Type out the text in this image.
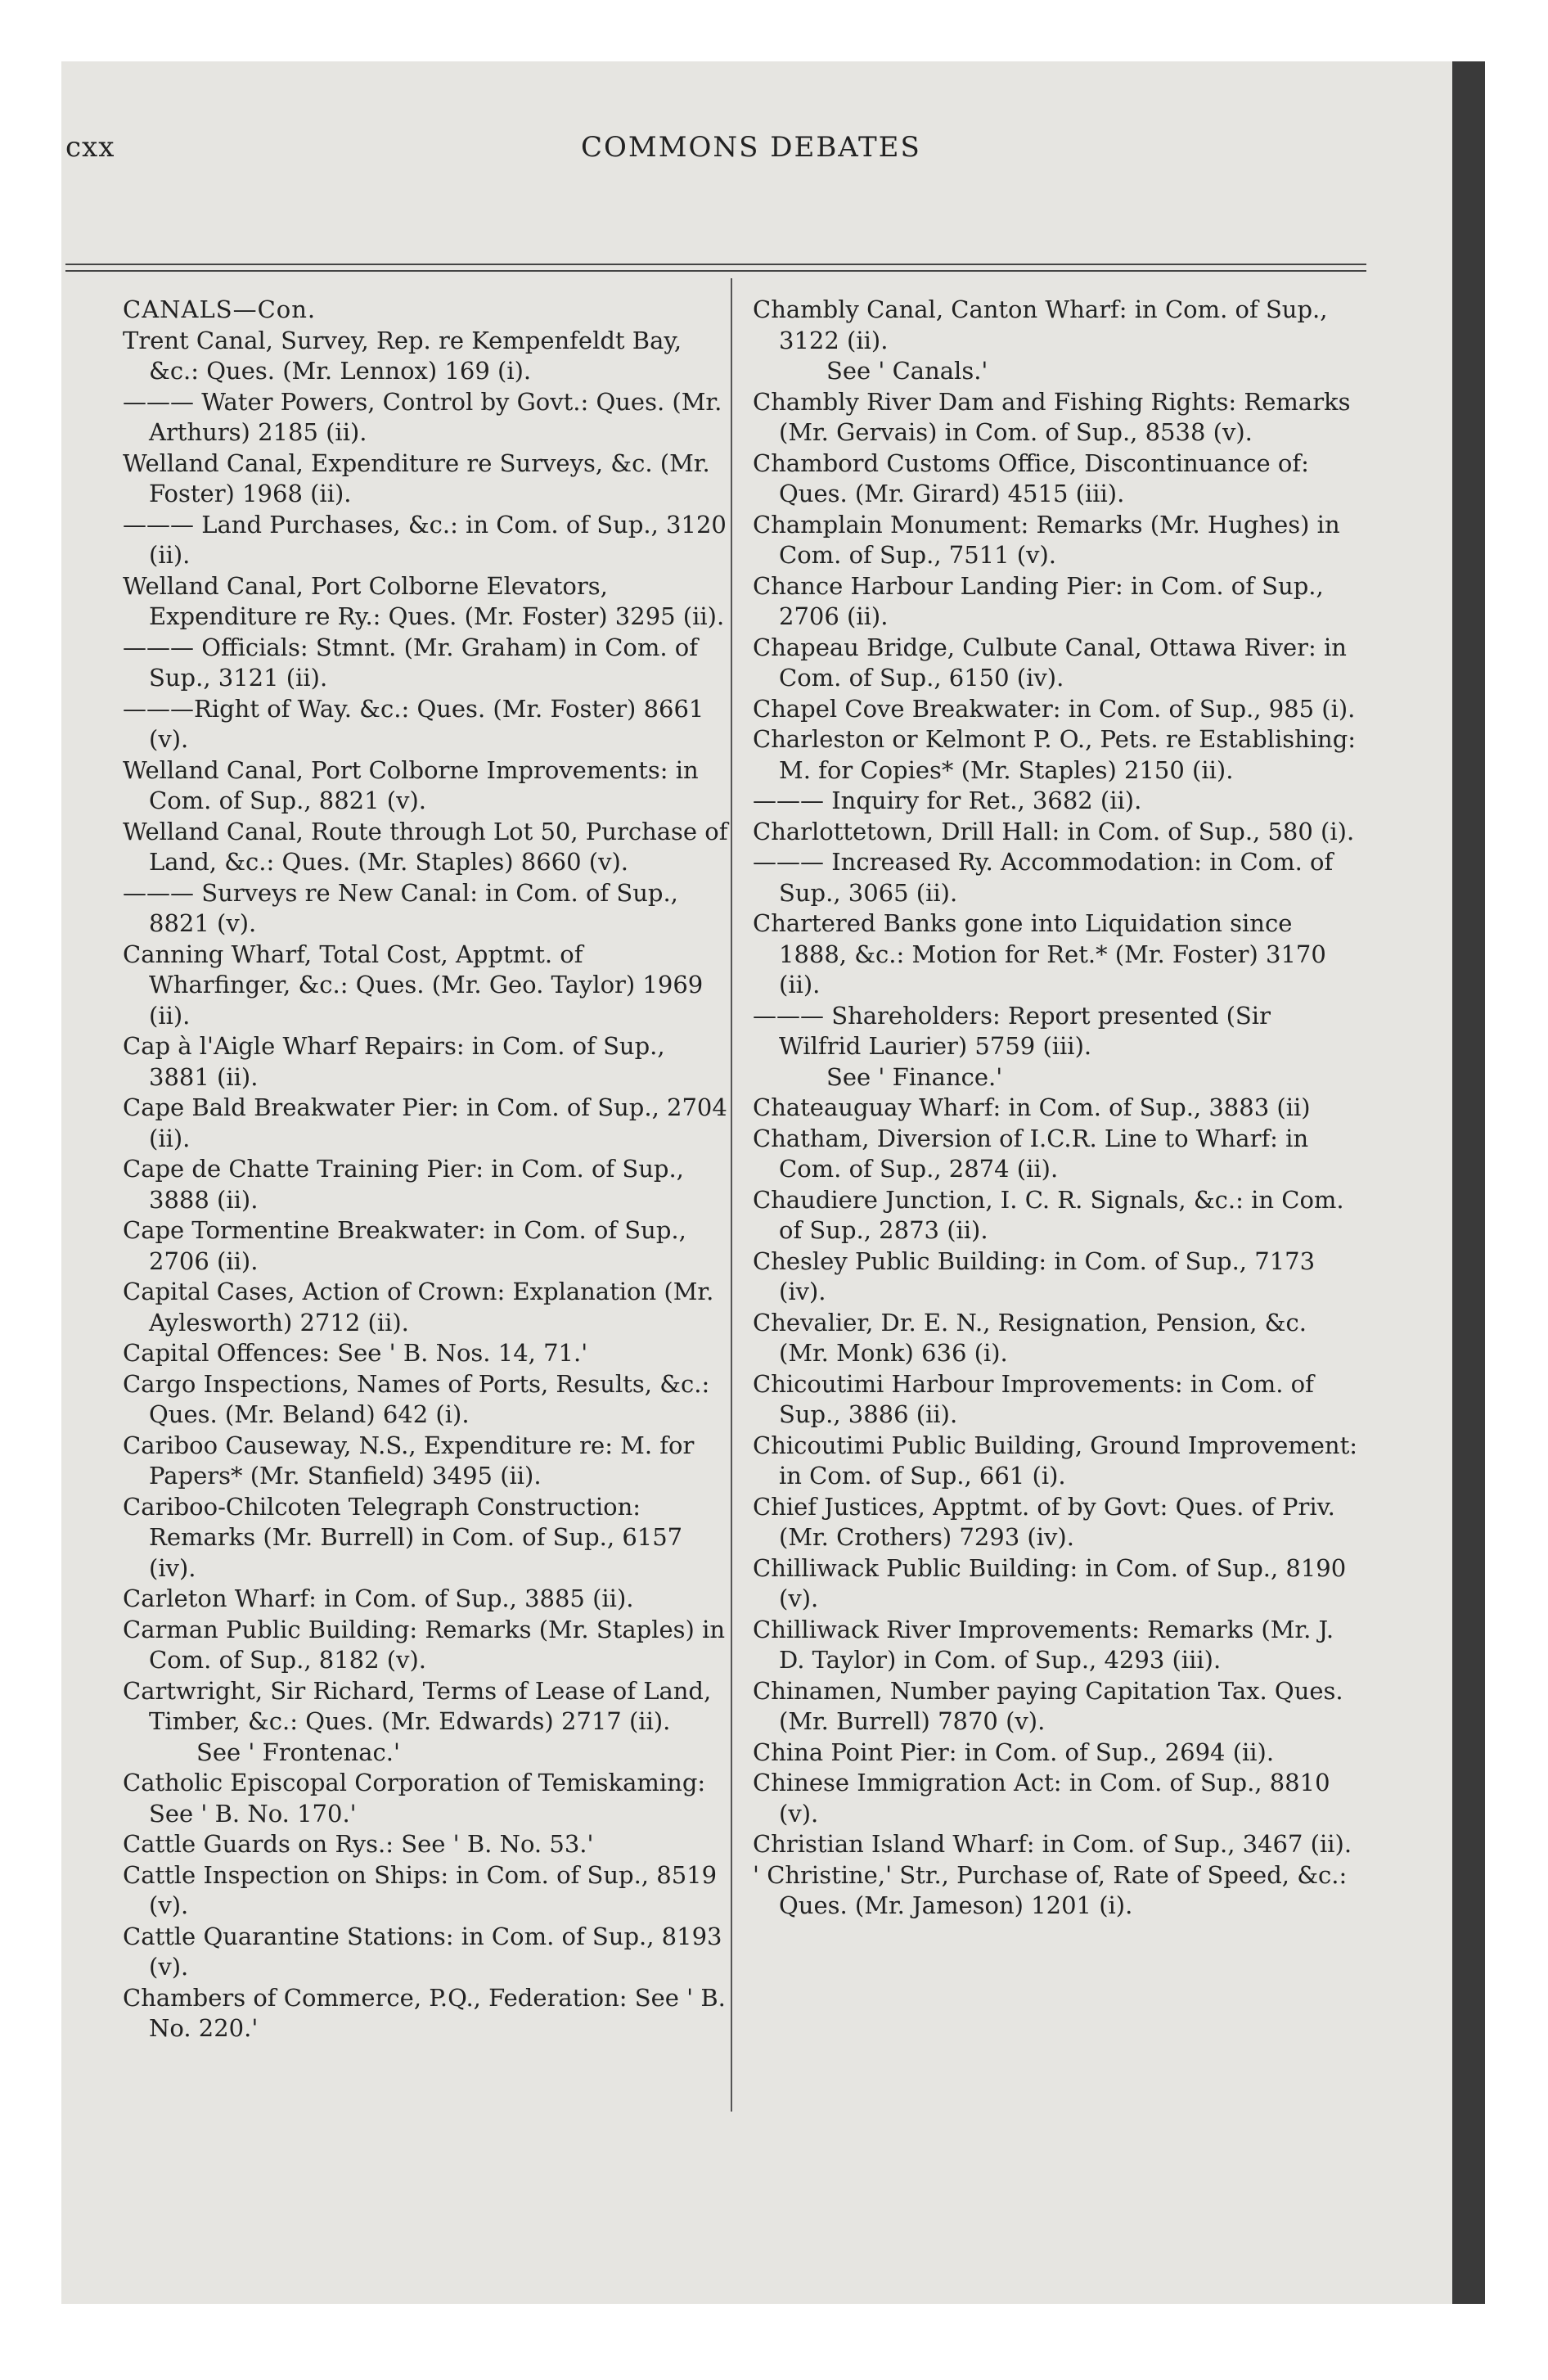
cxx	COMMONS DEBATES

CANALS—Con.

Trent Canal, Survey, Rep. re Kempenfeldt Bay, &c.: Ques. (Mr. Lennox) 169 (i).

——— Water Powers, Control by Govt.: Ques. (Mr. Arthurs) 2185 (ii).

Welland Canal, Expenditure re Surveys, &c. (Mr. Foster) 1968 (ii).

——— Land Purchases, &c.: in Com. of Sup., 3120 (ii).

Welland Canal, Port Colborne Elevators, Expenditure re Ry.: Ques. (Mr. Foster) 3295 (ii).

——— Officials: Stmnt. (Mr. Graham) in Com. of Sup., 3121 (ii).

———Right of Way. &c.: Ques. (Mr. Foster) 8661 (v).

Welland Canal, Port Colborne Improvements: in Com. of Sup., 8821 (v).

Welland Canal, Route through Lot 50, Purchase of Land, &c.: Ques. (Mr. Staples) 8660 (v).

——— Surveys re New Canal: in Com. of Sup., 8821 (v).

Canning Wharf, Total Cost, Apptmt. of Wharfinger, &c.: Ques. (Mr. Geo. Taylor) 1969 (ii).

Cap à l'Aigle Wharf Repairs: in Com. of Sup., 3881 (ii).

Cape Bald Breakwater Pier: in Com. of Sup., 2704 (ii).

Cape de Chatte Training Pier: in Com. of Sup., 3888 (ii).

Cape Tormentine Breakwater: in Com. of Sup., 2706 (ii).

Capital Cases, Action of Crown: Explanation (Mr. Aylesworth) 2712 (ii).

Capital Offences: See ' B. Nos. 14, 71.'

Cargo Inspections, Names of Ports, Results, &c.: Ques. (Mr. Beland) 642 (i).

Cariboo Causeway, N.S., Expenditure re: M. for Papers* (Mr. Stanfield) 3495 (ii).

Cariboo-Chilcoten Telegraph Construction: Remarks (Mr. Burrell) in Com. of Sup., 6157 (iv).

Carleton Wharf: in Com. of Sup., 3885 (ii).

Carman Public Building: Remarks (Mr. Staples) in Com. of Sup., 8182 (v).

Cartwright, Sir Richard, Terms of Lease of Land, Timber, &c.: Ques. (Mr. Edwards) 2717 (ii).

See ' Frontenac.'

Catholic Episcopal Corporation of Temiskaming: See ' B. No. 170.'

Cattle Guards on Rys.: See ' B. No. 53.'

Cattle Inspection on Ships: in Com. of Sup., 8519 (v).

Cattle Quarantine Stations: in Com. of Sup., 8193 (v).

Chambers of Commerce, P.Q., Federation: See ' B. No. 220.'

Chambly Canal, Canton Wharf: in Com. of Sup., 3122 (ii).

See ' Canals.'

Chambly River Dam and Fishing Rights: Remarks (Mr. Gervais) in Com. of Sup., 8538 (v).

Chambord Customs Office, Discontinuance of: Ques. (Mr. Girard) 4515 (iii).

Champlain Monument: Remarks (Mr. Hughes) in Com. of Sup., 7511 (v).

Chance Harbour Landing Pier: in Com. of Sup., 2706 (ii).

Chapeau Bridge, Culbute Canal, Ottawa River: in Com. of Sup., 6150 (iv).

Chapel Cove Breakwater: in Com. of Sup., 985 (i).

Charleston or Kelmont P. O., Pets. re Establishing: M. for Copies* (Mr. Staples) 2150 (ii).

——— Inquiry for Ret., 3682 (ii).

Charlottetown, Drill Hall: in Com. of Sup., 580 (i).

——— Increased Ry. Accommodation: in Com. of Sup., 3065 (ii).

Chartered Banks gone into Liquidation since 1888, &c.: Motion for Ret.* (Mr. Foster) 3170 (ii).

——— Shareholders: Report presented (Sir Wilfrid Laurier) 5759 (iii).

See ' Finance.'

Chateauguay Wharf: in Com. of Sup., 3883 (ii)

Chatham, Diversion of I.C.R. Line to Wharf: in Com. of Sup., 2874 (ii).

Chaudiere Junction, I. C. R. Signals, &c.: in Com. of Sup., 2873 (ii).

Chesley Public Building: in Com. of Sup., 7173 (iv).

Chevalier, Dr. E. N., Resignation, Pension, &c. (Mr. Monk) 636 (i).

Chicoutimi Harbour Improvements: in Com. of Sup., 3886 (ii).

Chicoutimi Public Building, Ground Improvement: in Com. of Sup., 661 (i).

Chief Justices, Apptmt. of by Govt: Ques. of Priv. (Mr. Crothers) 7293 (iv).

Chilliwack Public Building: in Com. of Sup., 8190 (v).

Chilliwack River Improvements: Remarks (Mr. J. D. Taylor) in Com. of Sup., 4293 (iii).

Chinamen, Number paying Capitation Tax. Ques. (Mr. Burrell) 7870 (v).

China Point Pier: in Com. of Sup., 2694 (ii).

Chinese Immigration Act: in Com. of Sup., 8810 (v).

Christian Island Wharf: in Com. of Sup., 3467 (ii).

' Christine,' Str., Purchase of, Rate of Speed, &c.: Ques. (Mr. Jameson) 1201 (i).
